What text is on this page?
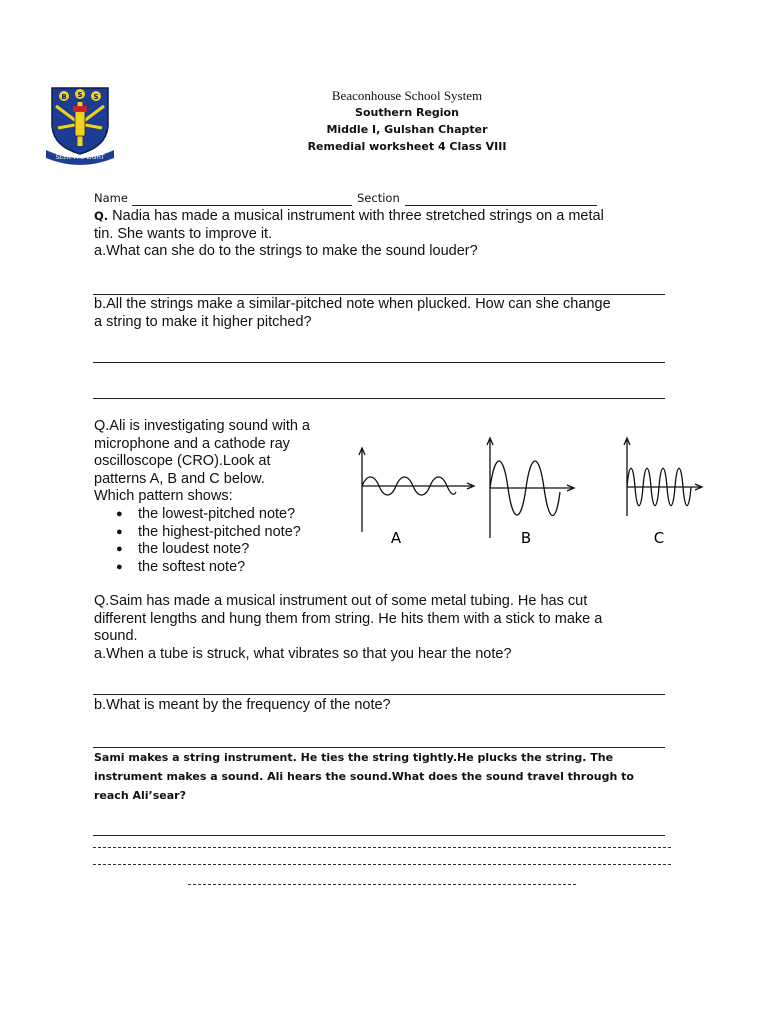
B S S
SEEK THE LIGHT
Beaconhouse School System
Southern Region
Middle I, Gulshan Chapter
Remedial worksheet 4 Class VIII
Name	Section
Q. Nadia has made a musical instrument with three stretched strings on a metal
tin. She wants to improve it.
a.What can she do to the strings to make the sound louder?
b.All the strings make a similar-pitched note when plucked. How can she change
a string to make it higher pitched?
Q.Ali is investigating sound with a
microphone and a cathode ray
oscilloscope (CRO).Look at
patterns A, B and C below.
Which pattern shows:
● the lowest-pitched note?
● the highest-pitched note?
● the loudest note?
● the softest note?
A	B	C
Q.Saim has made a musical instrument out of some metal tubing. He has cut
different lengths and hung them from string. He hits them with a stick to make a
sound.
a.When a tube is struck, what vibrates so that you hear the note?
b.What is meant by the frequency of the note?
Sami makes a string instrument. He ties the string tightly.He plucks the string. The
instrument makes a sound. Ali hears the sound.What does the sound travel through to
reach Ali’sear?
